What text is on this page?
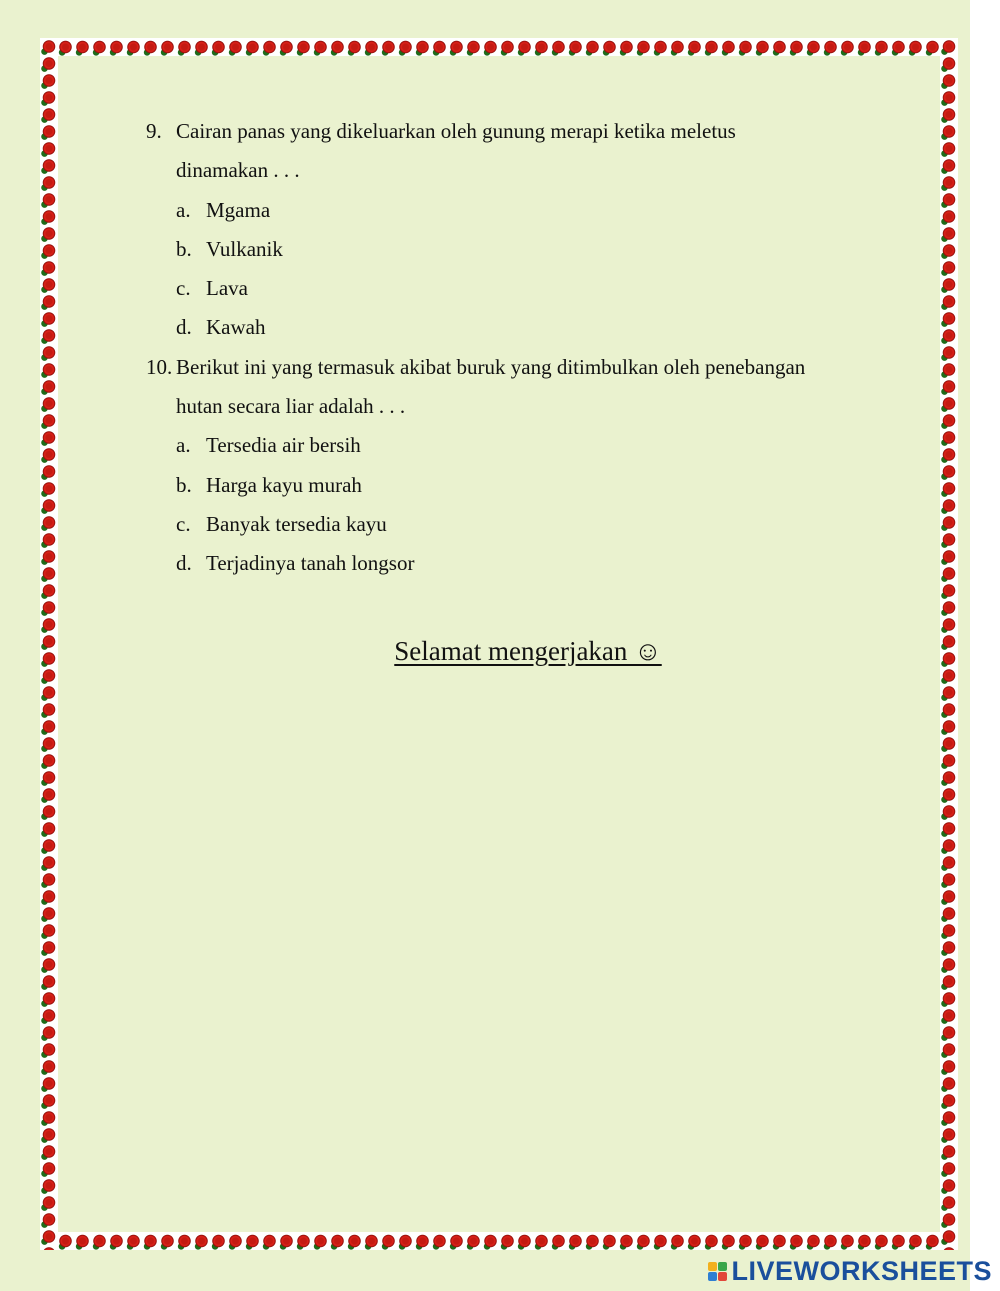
9. Cairan panas yang dikeluarkan oleh gunung merapi ketika meletus
dinamakan . . .
a. Mgama
b. Vulkanik
c. Lava
d. Kawah
10. Berikut ini yang termasuk akibat buruk yang ditimbulkan oleh penebangan
hutan secara liar adalah . . .
a. Tersedia air bersih
b. Harga kayu murah
c. Banyak tersedia kayu
d. Terjadinya tanah longsor
Selamat mengerjakan ☺
LIVEWORKSHEETS
